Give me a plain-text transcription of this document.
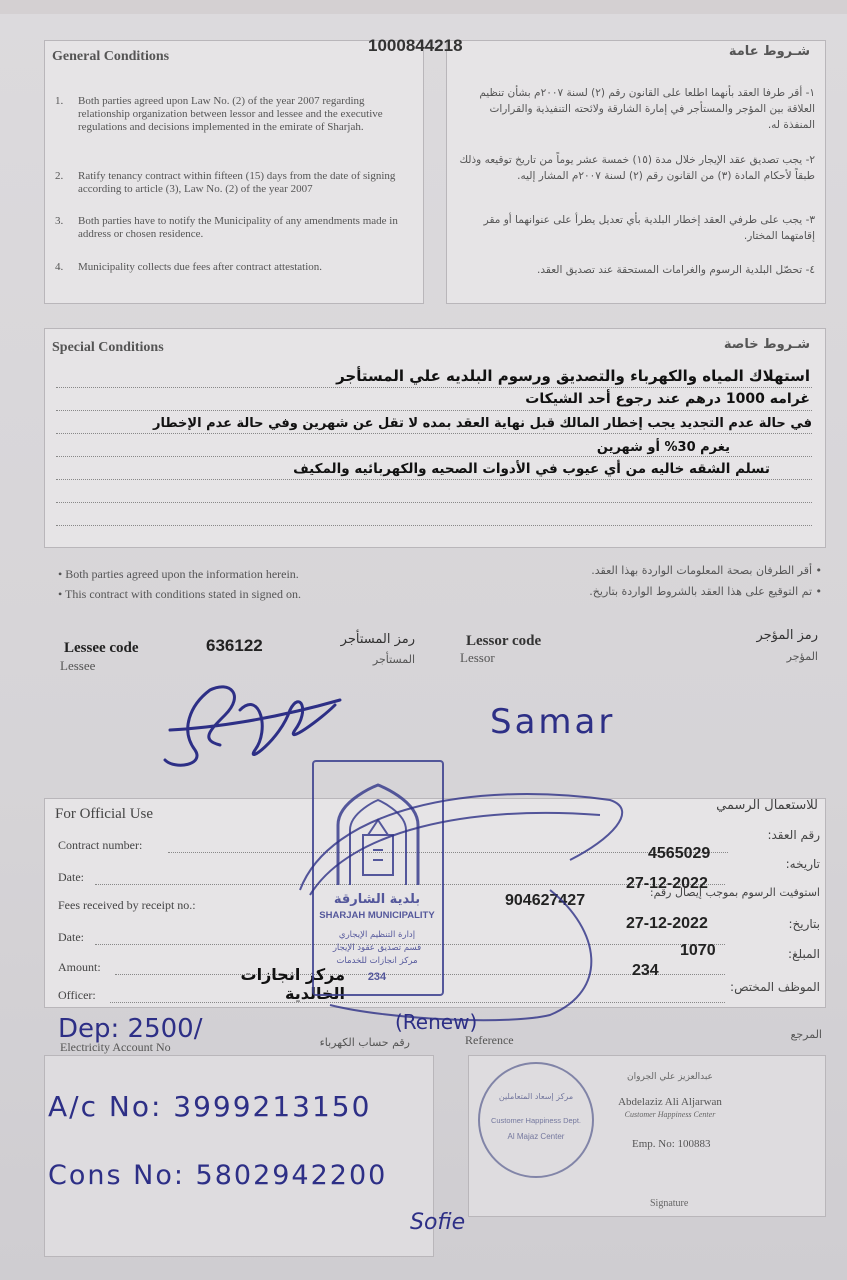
General Conditions
1000844218	شـروط عامة
1.	Both parties agreed upon Law No. (2) of the year 2007 regarding relationship organization between lessor and lessee and the executive regulations and decisions implemented in the emirate of Sharjah.
2.	Ratify tenancy contract within fifteen (15) days from the date of signing according to article (3), Law No. (2) of the year 2007
3.	Both parties have to notify the Municipality of any amendments made in address or chosen residence.
4.	Municipality collects due fees after contract attestation.
١- أقر طرفا العقد بأنهما اطلعا على القانون رقم (٢) لسنة ٢٠٠٧م بشأن تنظيم العلاقة بين المؤجر والمستأجر في إمارة الشارقة ولائحته التنفيذية والقرارات المنفذة له.
٢- يجب تصديق عقد الإيجار خلال مدة (١٥) خمسة عشر يوماً من تاريخ توقيعه وذلك طبقاً لأحكام المادة (٣) من القانون رقم (٢) لسنة ٢٠٠٧م المشار إليه.
٣- يجب على طرفي العقد إخطار البلدية بأي تعديل يطرأ على عنوانهما أو مقر إقامتهما المختار.
٤- تحصّل البلدية الرسوم والغرامات المستحقة عند تصديق العقد.
Special Conditions	شـروط خاصة
استهلاك المياه والكهرباء والتصديق ورسوم البلديه علي المستأجر
غرامه 1000 درهم عند رجوع أحد الشيكات
في حالة عدم التجديد يجب إخطار المالك قبل نهاية العقد بمده لا تقل عن شهرين وفي حالة عدم الإخطار
يغرم 30% أو شهرين
تسلم الشقه خاليه من أي عيوب في الأدوات الصحيه والكهربائيه والمكيف
• Both parties agreed upon the information herein.
• This contract with conditions stated in signed on.
• أقر الطرفان بصحة المعلومات الواردة بهذا العقد.
• تم التوقيع على هذا العقد بالشروط الواردة بتاريخ.
Lessee code	636122	رمز المستأجر
Lessee	المستأجر
Lessor code	رمز المؤجر
Lessor	المؤجر
Samar
For Official Use
للاستعمال الرسمي
Contract number:
رقم العقد:
4565029
Date:
تاريخه:
27-12-2022
Fees received by receipt no.:
استوفيت الرسوم بموجب إيصال رقم:
904627427
Date:
بتاريخ:
27-12-2022
Amount:
المبلغ:
1070
Officer:
الموظف المختص:
234
مركز انجازات الخالدية
بلدية الشارقة
SHARJAH MUNICIPALITY
إدارة التنظيم الإيجاري
قسم تصديق عقود الإيجار
مركز انجازات للخدمات
234
Dep: 2500/	(Renew)
Electricity Account No	رقم حساب الكهرباء	Reference	المرجع
A/c No: 3999213150
Cons No: 5802942200
Sofie
مركز إسعاد المتعاملين
Customer Happiness Dept.
Al Majaz Center
عبدالعزيز علي الجروان
Abdelaziz Ali Aljarwan
Customer Happiness Center
Emp. No: 100883
Signature
